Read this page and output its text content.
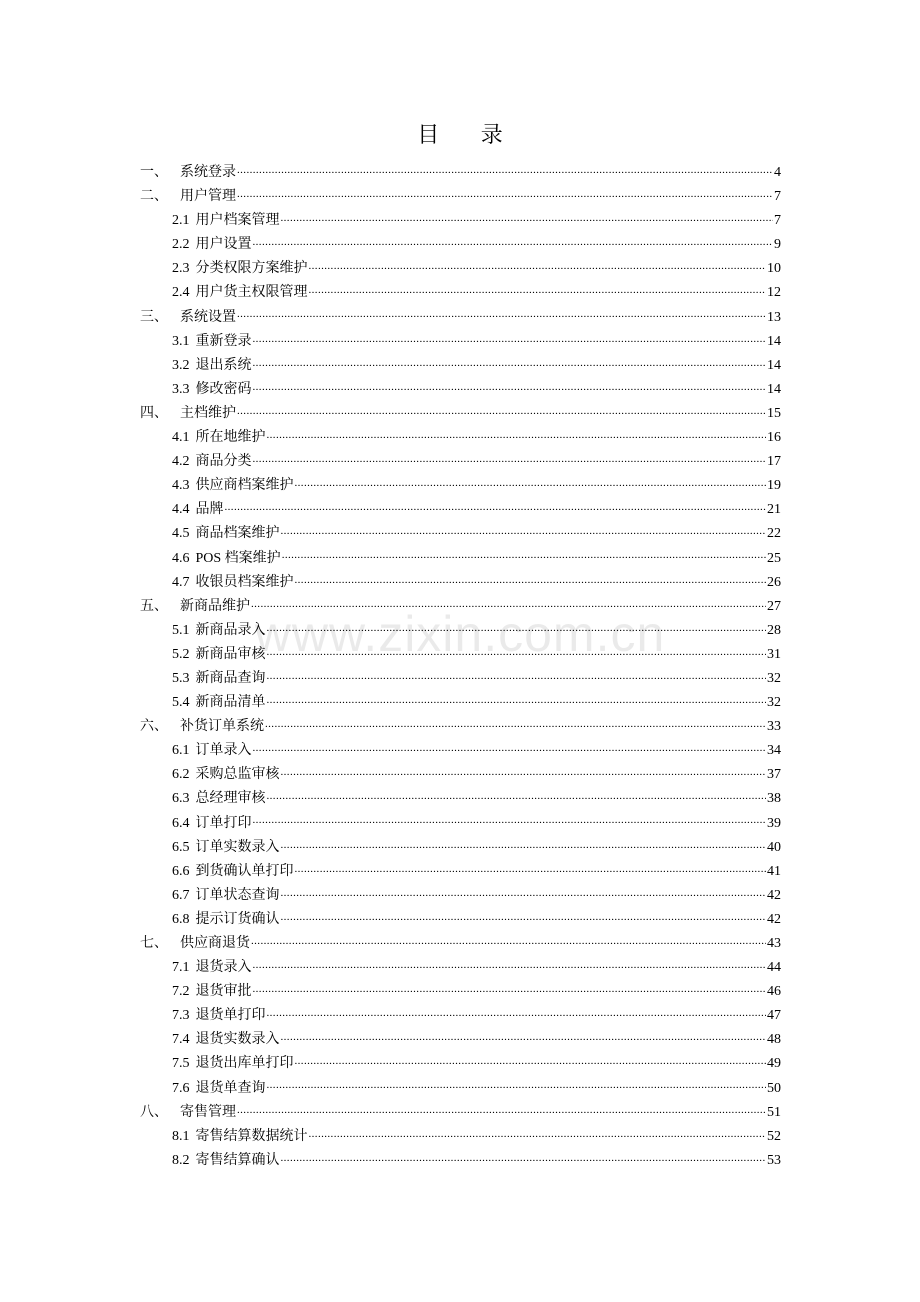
www.zixin.com.cn
目 录
一、 系统登录 .....	4
二、 用户管理 .....	7
2.1 用户档案管理 .....	7
2.2 用户设置 .....	9
2.3 分类权限方案维护 .....	10
2.4 用户货主权限管理 .....	12
三、 系统设置 .....	13
3.1 重新登录 .....	14
3.2 退出系统 .....	14
3.3 修改密码 .....	14
四、 主档维护 .....	15
4.1 所在地维护 .....	16
4.2 商品分类 .....	17
4.3 供应商档案维护 .....	19
4.4 品牌 .....	21
4.5 商品档案维护 .....	22
4.6 POS 档案维护 .....	25
4.7 收银员档案维护 .....	26
五、 新商品维护 .....	27
5.1 新商品录入 .....	28
5.2 新商品审核 .....	31
5.3 新商品查询 .....	32
5.4 新商品清单 .....	32
六、 补货订单系统 .....	33
6.1 订单录入 .....	34
6.2 采购总监审核 .....	37
6.3 总经理审核 .....	38
6.4 订单打印 .....	39
6.5 订单实数录入 .....	40
6.6 到货确认单打印 .....	41
6.7 订单状态查询 .....	42
6.8 提示订货确认 .....	42
七、 供应商退货 .....	43
7.1 退货录入 .....	44
7.2 退货审批 .....	46
7.3 退货单打印 .....	47
7.4 退货实数录入 .....	48
7.5 退货出库单打印 .....	49
7.6 退货单查询 .....	50
八、 寄售管理 .....	51
8.1 寄售结算数据统计 .....	52
8.2 寄售结算确认 .....	53
